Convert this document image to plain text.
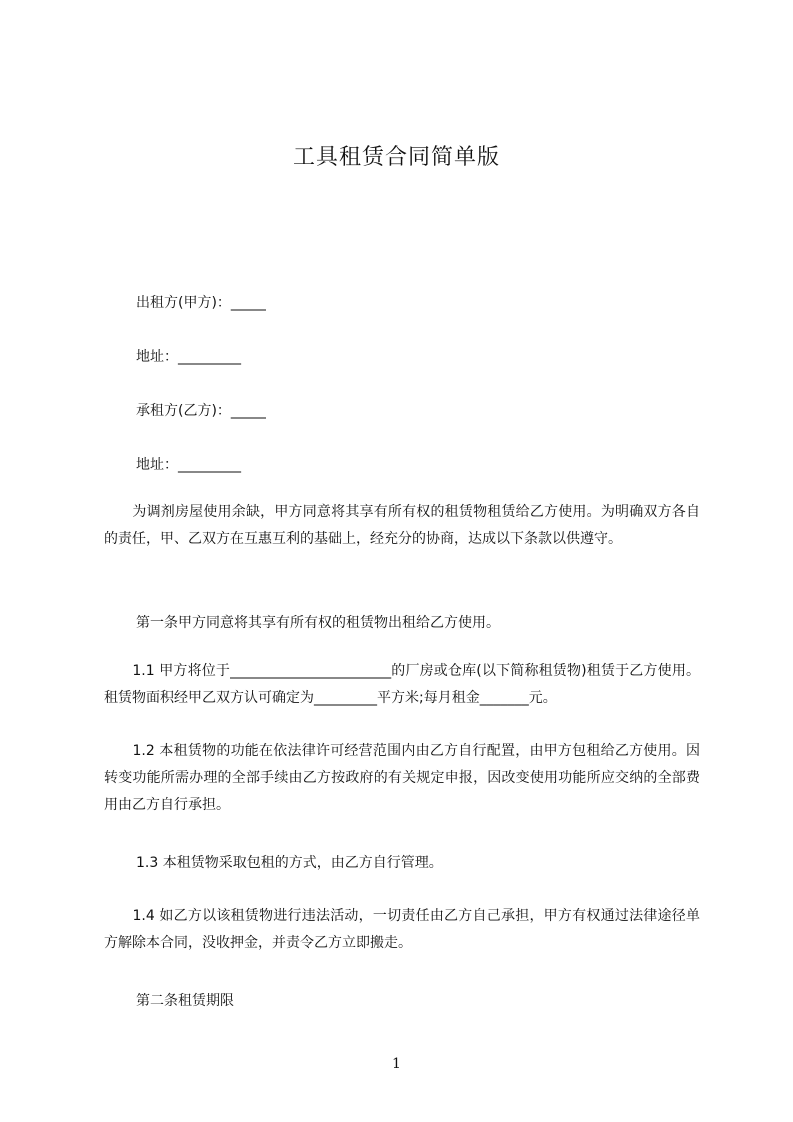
工具租赁合同简单版
出租方(甲方)：_____
地址：_________
承租方(乙方)：_____
地址：_________
　　为调剂房屋使用余缺，甲方同意将其享有所有权的租赁物租赁给乙方使用。为明确双方各自的责任，甲、乙双方在互惠互利的基础上，经充分的协商，达成以下条款以供遵守。
第一条甲方同意将其享有所有权的租赁物出租给乙方使用。
　　1.1 甲方将位于_______________________的厂房或仓库(以下简称租赁物)租赁于乙方使用。租赁物面积经甲乙双方认可确定为_________平方米;每月租金_______元。
　　1.2 本租赁物的功能在依法律许可经营范围内由乙方自行配置，由甲方包租给乙方使用。因转变功能所需办理的全部手续由乙方按政府的有关规定申报，因改变使用功能所应交纳的全部费用由乙方自行承担。
1.3 本租赁物采取包租的方式，由乙方自行管理。
　　1.4 如乙方以该租赁物进行违法活动，一切责任由乙方自己承担，甲方有权通过法律途径单方解除本合同，没收押金，并责令乙方立即搬走。
第二条租赁期限
1
